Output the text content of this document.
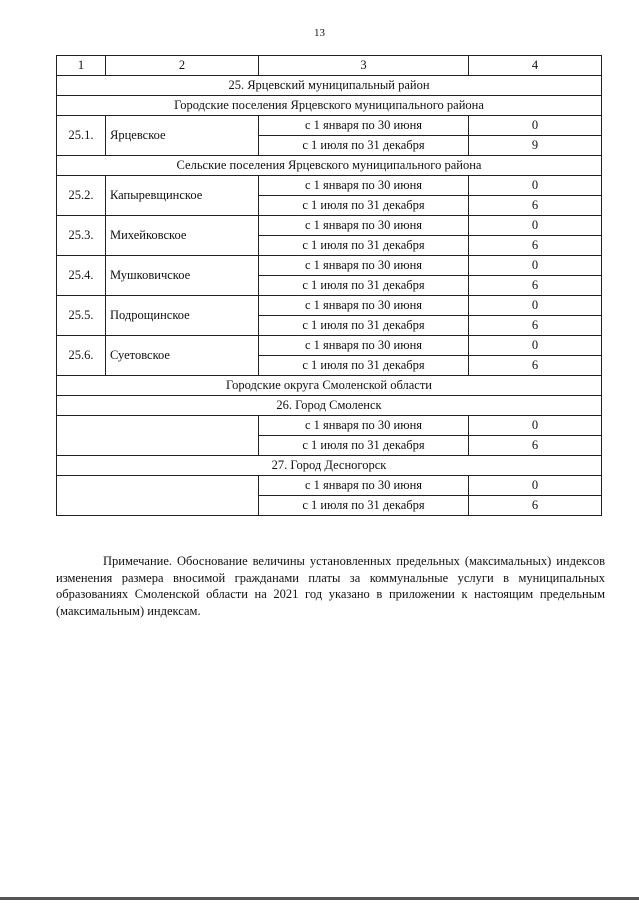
13
1	2	3	4
25. Ярцевский муниципальный район			
Городские поселения Ярцевского муниципального района			
25.1.	Ярцевское	с 1 января по 30 июня	0
		с 1 июля по 31 декабря	9
Сельские поселения Ярцевского муниципального района			
25.2.	Капыревщинское	с 1 января по 30 июня	0
		с 1 июля по 31 декабря	6
25.3.	Михейковское	с 1 января по 30 июня	0
		с 1 июля по 31 декабря	6
25.4.	Мушковичское	с 1 января по 30 июня	0
		с 1 июля по 31 декабря	6
25.5.	Подрощинское	с 1 января по 30 июня	0
		с 1 июля по 31 декабря	6
25.6.	Суетовское	с 1 января по 30 июня	0
		с 1 июля по 31 декабря	6
Городские округа Смоленской области			
26. Город Смоленск			
		с 1 января по 30 июня	0
		с 1 июля по 31 декабря	6
27. Город Десногорск			
		с 1 января по 30 июня	0
		с 1 июля по 31 декабря	6

Примечание. Обоснование величины установленных предельных (максимальных) индексов изменения размера вносимой гражданами платы за коммунальные услуги в муниципальных образованиях Смоленской области на 2021 год указано в приложении к настоящим предельным (максимальным) индексам.
